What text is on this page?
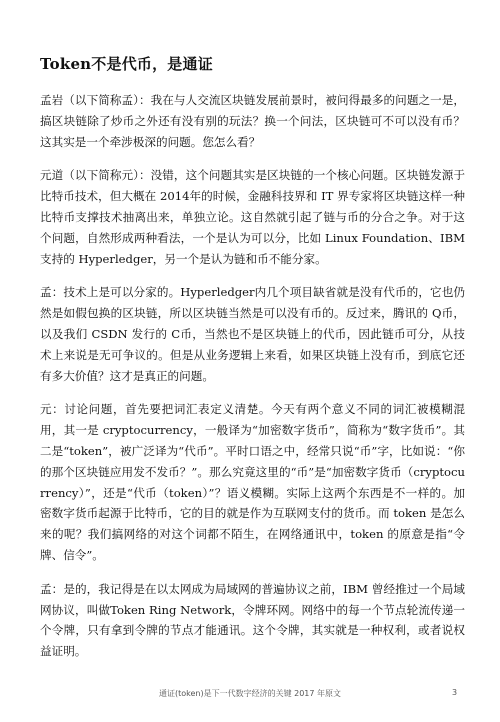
Token不是代币，是通证

孟岩（以下简称孟）：我在与人交流区块链发展前景时，被问得最多的问题之一是，搞区块链除了炒币之外还有没有别的玩法？换一个问法，区块链可不可以没有币？这其实是一个牵涉极深的问题。您怎么看？

元道（以下简称元）：没错，这个问题其实是区块链的一个核心问题。区块链发源于比特币技术，但大概在 2014年的时候，金融科技界和 IT 界专家将区块链这样一种比特币支撑技术抽离出来，单独立论。这自然就引起了链与币的分合之争。对于这个问题，自然形成两种看法，一个是认为可以分，比如 Linux Foundation、IBM 支持的 Hyperledger，另一个是认为链和币不能分家。

孟：技术上是可以分家的。Hyperledger内几个项目缺省就是没有代币的，它也仍然是如假包换的区块链，所以区块链当然是可以没有币的。反过来，腾讯的 Q币，以及我们 CSDN 发行的 C币，当然也不是区块链上的代币，因此链币可分，从技术上来说是无可争议的。但是从业务逻辑上来看，如果区块链上没有币，到底它还有多大价值？这才是真正的问题。

元：讨论问题，首先要把词汇表定义清楚。今天有两个意义不同的词汇被模糊混用，其一是 cryptocurrency，一般译为“加密数字货币”，简称为“数字货币”。其二是“token”，被广泛译为“代币”。平时口语之中，经常只说“币”字，比如说：“你的那个区块链应用发不发币？”。那么究竟这里的“币”是“加密数字货币（cryptocurrency）”，还是“代币（token）”？语义模糊。实际上这两个东西是不一样的。加密数字货币起源于比特币，它的目的就是作为互联网支付的货币。而 token 是怎么来的呢？我们搞网络的对这个词都不陌生，在网络通讯中，token 的原意是指“令牌、信令”。

孟：是的，我记得是在以太网成为局域网的普遍协议之前，IBM 曾经推过一个局域网协议，叫做Token Ring Network，令牌环网。网络中的每一个节点轮流传递一个令牌，只有拿到令牌的节点才能通讯。这个令牌，其实就是一种权利，或者说权益证明。

通证(token)是下一代数字经济的关键 2017 年原文	3
